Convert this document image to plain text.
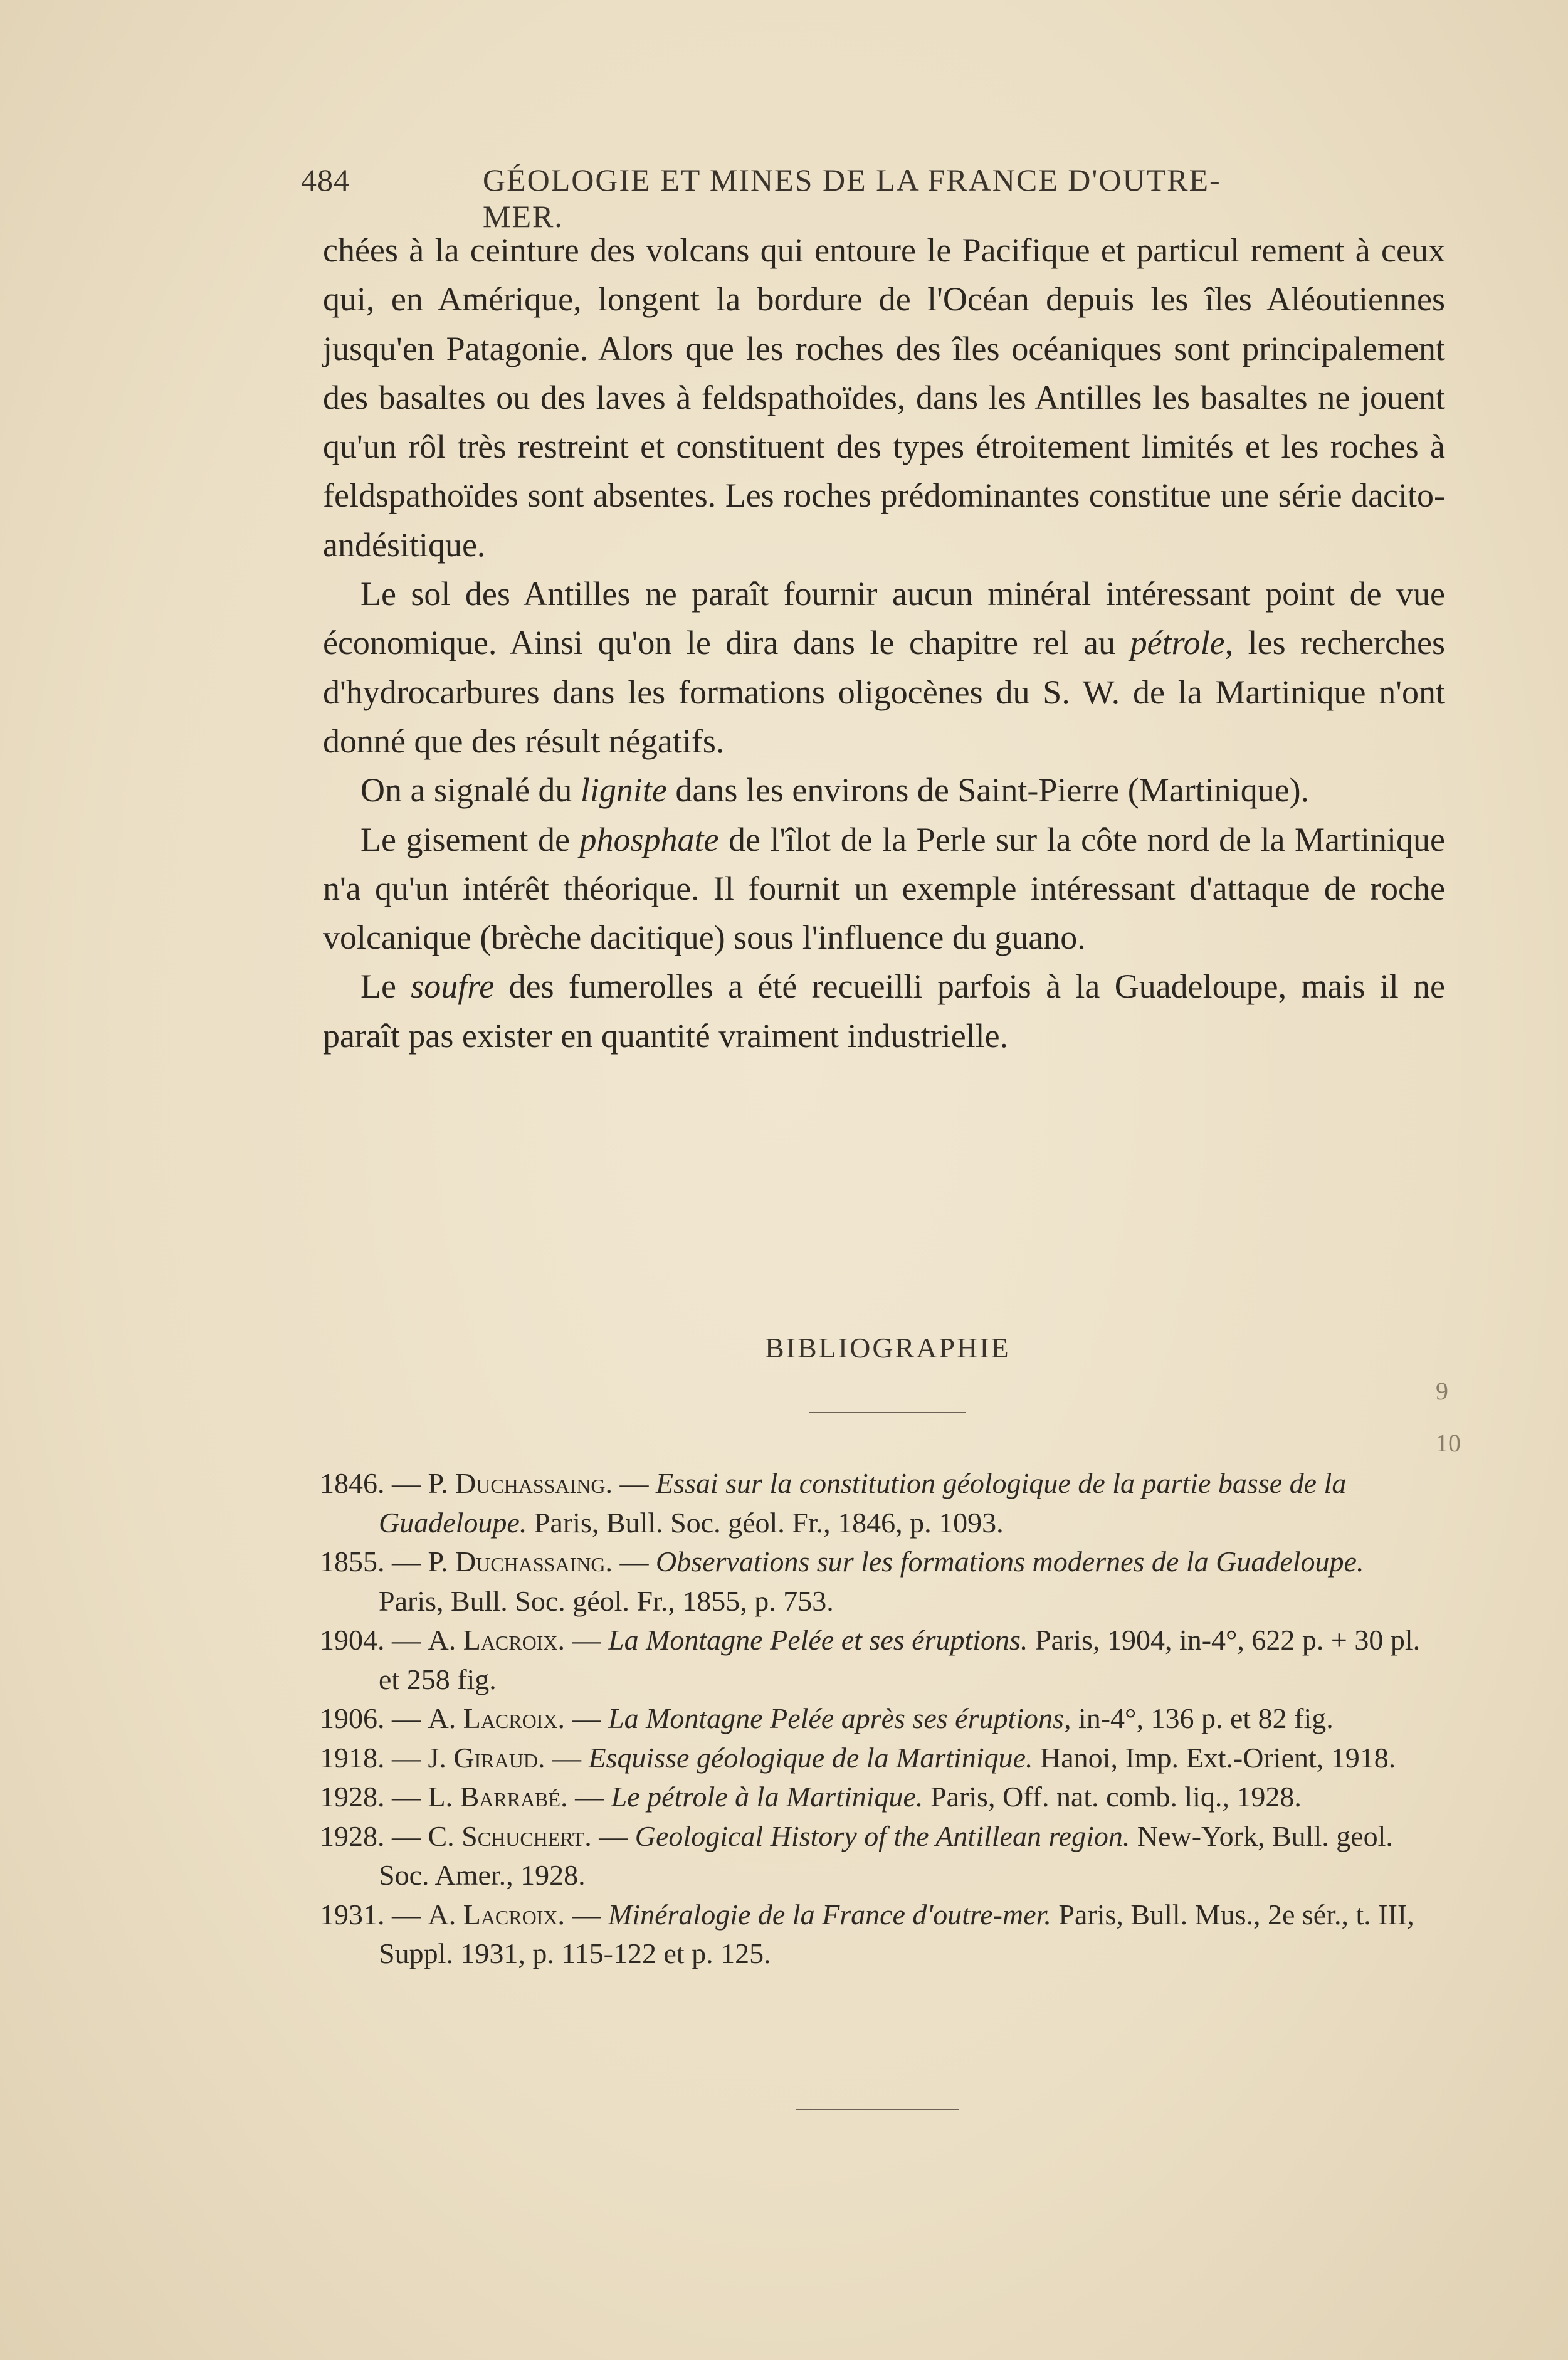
484	GÉOLOGIE ET MINES DE LA FRANCE D'OUTRE-MER.

chées à la ceinture des volcans qui entoure le Pacifique et particul rement à ceux qui, en Amérique, longent la bordure de l'Océan depuis les îles Aléoutiennes jusqu'en Patagonie. Alors que les roches des îles océaniques sont principalement des basaltes ou des laves à feldspathoïdes, dans les Antilles les basaltes ne jouent qu'un rôl très restreint et constituent des types étroitement limités et les roches à feldspathoïdes sont absentes. Les roches prédominantes constitue une série dacito-andésitique.

Le sol des Antilles ne paraît fournir aucun minéral intéressant point de vue économique. Ainsi qu'on le dira dans le chapitre rel au pétrole, les recherches d'hydrocarbures dans les formations oligocènes du S. W. de la Martinique n'ont donné que des résult négatifs.

On a signalé du lignite dans les environs de Saint-Pierre (Martinique).

Le gisement de phosphate de l'îlot de la Perle sur la côte nord de la Martinique n'a qu'un intérêt théorique. Il fournit un exemple intéressant d'attaque de roche volcanique (brèche dacitique) sous l'influence du guano.

Le soufre des fumerolles a été recueilli parfois à la Guadeloupe, mais il ne paraît pas exister en quantité vraiment industrielle.

BIBLIOGRAPHIE

1846. — P. Duchassaing. — Essai sur la constitution géologique de la partie basse de la Guadeloupe. Paris, Bull. Soc. géol. Fr., 1846, p. 1093.

1855. — P. Duchassaing. — Observations sur les formations modernes de la Guadeloupe. Paris, Bull. Soc. géol. Fr., 1855, p. 753.

1904. — A. Lacroix. — La Montagne Pelée et ses éruptions. Paris, 1904, in-4°, 622 p. + 30 pl. et 258 fig.

1906. — A. Lacroix. — La Montagne Pelée après ses éruptions, in-4°, 136 p. et 82 fig.

1918. — J. Giraud. — Esquisse géologique de la Martinique. Hanoi, Imp. Ext.-Orient, 1918.

1928. — L. Barrabé. — Le pétrole à la Martinique. Paris, Off. nat. comb. liq., 1928.

1928. — C. Schuchert. — Geological History of the Antillean region. New-York, Bull. geol. Soc. Amer., 1928.

1931. — A. Lacroix. — Minéralogie de la France d'outre-mer. Paris, Bull. Mus., 2e sér., t. III, Suppl. 1931, p. 115-122 et p. 125.

9
10
